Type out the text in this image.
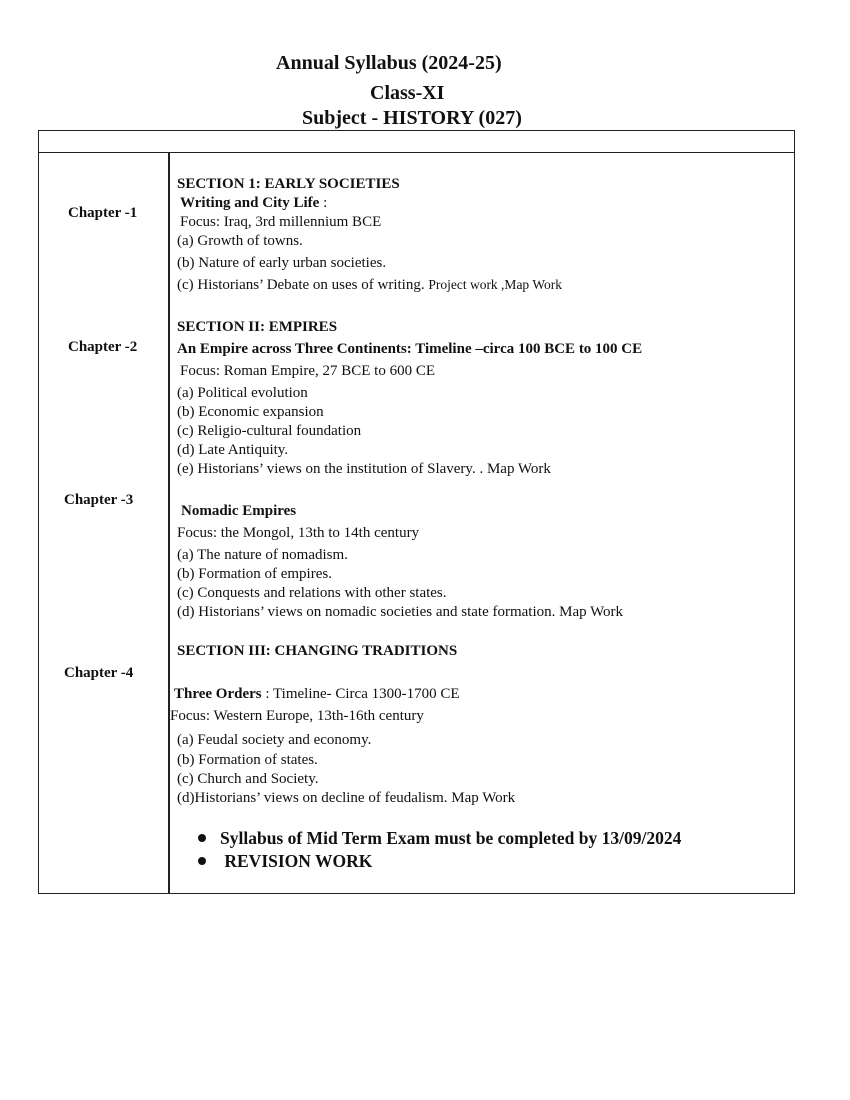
Annual Syllabus (2024-25)
Class-XI
Subject - HISTORY (027)
Chapter -1
Chapter -2
Chapter -3
Chapter -4
SECTION 1: EARLY SOCIETIES
Writing and City Life :
Focus: Iraq, 3rd millennium BCE
(a) Growth of towns.
(b) Nature of early urban societies.
(c) Historians’ Debate on uses of writing. Project work ,Map Work
SECTION II: EMPIRES
An Empire across Three Continents: Timeline –circa 100 BCE to 100 CE
Focus: Roman Empire, 27 BCE to 600 CE
(a) Political evolution
(b) Economic expansion
(c) Religio-cultural foundation
(d) Late Antiquity.
(e) Historians’ views on the institution of Slavery. . Map Work
Nomadic Empires
Focus: the Mongol, 13th to 14th century
(a) The nature of nomadism.
(b) Formation of empires.
(c) Conquests and relations with other states.
(d) Historians’ views on nomadic societies and state formation. Map Work
SECTION III: CHANGING TRADITIONS
Three Orders : Timeline- Circa 1300-1700 CE
Focus: Western Europe, 13th-16th century
(a) Feudal society and economy.
(b) Formation of states.
(c) Church and Society.
(d)Historians’ views on decline of feudalism. Map Work
Syllabus of Mid Term Exam must be completed by 13/09/2024
REVISION WORK
